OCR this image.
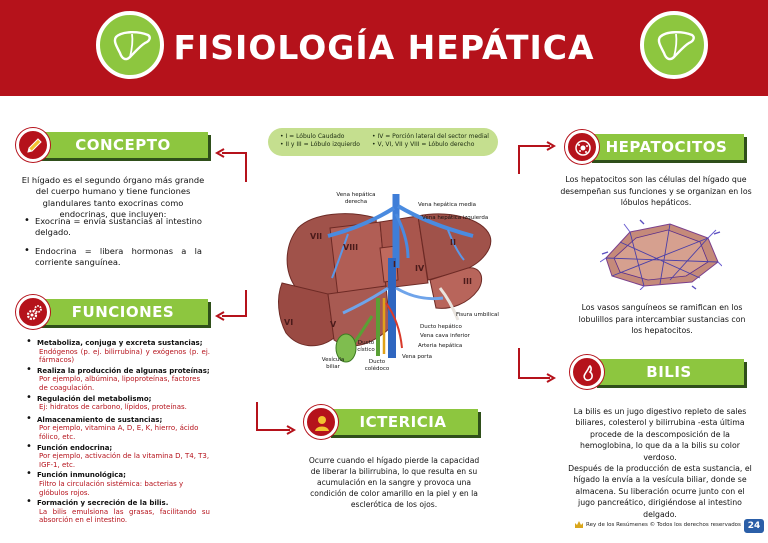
FISIOLOGÍA HEPÁTICA
CONCEPTO
El hígado es el segundo órgano más grande del cuerpo humano y tiene funciones glandulares tanto exocrinas como endocrinas, que incluyen:
• Exocrina = envía sustancias al intestino delgado.
• Endocrina = libera hormonas a la corriente sanguínea.
FUNCIONES
• Metaboliza, conjuga y excreta sustancias;
Endógenos (p. ej. bilirrubina) y exógenos (p. ej. fármacos)
• Realiza la producción de algunas proteínas;
Por ejemplo, albúmina, lipoproteínas, factores de coagulación.
• Regulación del metabolismo;
Ej: hidratos de carbono, lípidos, proteínas.
• Almacenamiento de sustancias;
Por ejemplo, vitamina A, D, E, K, hierro, ácido fólico, etc.
• Función endocrina;
Por ejemplo, activación de la vitamina D, T4, T3, IGF-1, etc.
• Función inmunológica;
Filtro la circulación sistémica: bacterias y glóbulos rojos.
• Formación y secreción de la bilis.
La bilis emulsiona las grasas, facilitando su absorción en el intestino.
• I = Lóbulo Caudado
• II y III = Lóbulo izquierdo
• IV = Porción lateral del sector medial
• V, VI, VII y VIII = Lóbulo derecho
VII
VIII
I IV
II
III
VI	V
Vena hepática derecha
Vena hepática media
Vena hepática izquierda
Fisura umbilical
Ducto hepático
Vena cava inferior
Arteria hepática
Vena porta
Ducto cístico
Vesícula biliar
Ducto colédoco
ICTERICIA
Ocurre cuando el hígado pierde la capacidad de liberar la bilirrubina, lo que resulta en su acumulación en la sangre y provoca una condición de color amarillo en la piel y en la esclerótica de los ojos.
HEPATOCITOS
Los hepatocitos son las células del hígado que desempeñan sus funciones y se organizan en los lóbulos hepáticos.
Los vasos sanguíneos se ramifican en los lobulillos para intercambiar sustancias con los hepatocitos.
BILIS
La bilis es un jugo digestivo repleto de sales biliares, colesterol y bilirrubina -esta última procede de la descomposición de la hemoglobina, lo que da a la bilis su color verdoso.
Después de la producción de esta sustancia, el hígado la envía a la vesícula biliar, donde se almacena. Su liberación ocurre junto con el jugo pancreático, dirigiéndose al intestino delgado.
Rey de los Resúmenes © Todos los derechos reservados 24
